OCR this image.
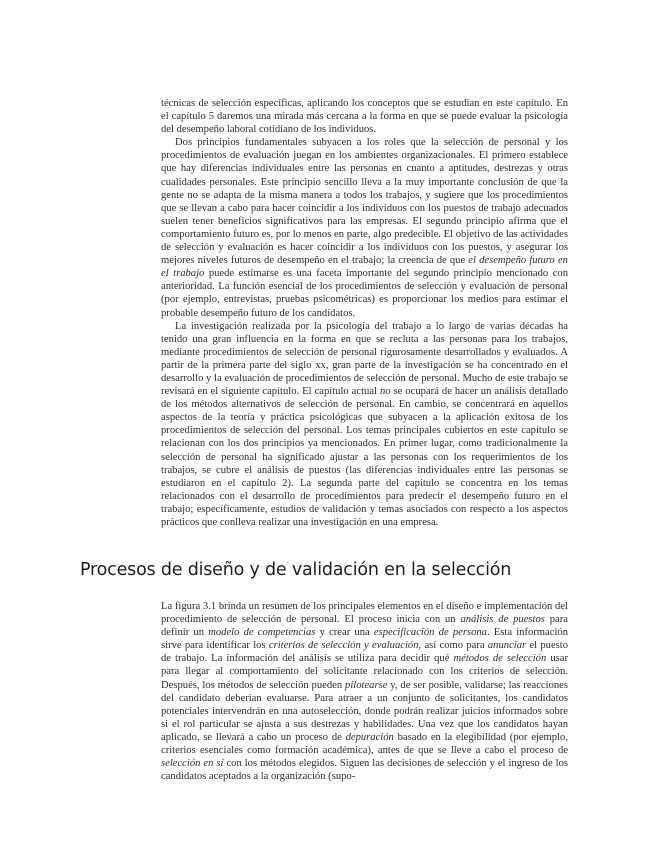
técnicas de selección específicas, aplicando los conceptos que se estudian en este capítulo. En el capítulo 5 daremos una mirada más cercana a la forma en que se puede evaluar la psicología del desempeño laboral cotidiano de los individuos.

Dos principios fundamentales subyacen a los roles que la selección de personal y los procedimientos de evaluación juegan en los ambientes organizacionales. El primero establece que hay diferencias individuales entre las personas en cuanto a aptitudes, destrezas y otras cualidades personales. Este principio sencillo lleva a la muy importante conclusión de que la gente no se adapta de la misma manera a todos los trabajos, y sugiere que los procedimientos que se llevan a cabo para hacer coincidir a los individuos con los puestos de trabajo adecuados suelen tener beneficios significativos para las empresas. El segundo principio afirma que el comportamiento futuro es, por lo menos en parte, algo predecible. El objetivo de las actividades de selección y evaluación es hacer coincidir a los individuos con los puestos, y asegurar los mejores niveles futuros de desempeño en el trabajo; la creencia de que el desempeño futuro en el trabajo puede estimarse es una faceta importante del segundo principio mencionado con anterioridad. La función esencial de los procedimientos de selección y evaluación de personal (por ejemplo, entrevistas, pruebas psicométricas) es proporcionar los medios para estimar el probable desempeño futuro de los candidatos.

La investigación realizada por la psicología del trabajo a lo largo de varias décadas ha tenido una gran influencia en la forma en que se recluta a las personas para los trabajos, mediante procedimientos de selección de personal rigurosamente desarrollados y evaluados. A partir de la primera parte del siglo xx, gran parte de la investigación se ha concentrado en el desarrollo y la evaluación de procedimientos de selección de personal. Mucho de este trabajo se revisará en el siguiente capítulo. El capítulo actual no se ocupará de hacer un análisis detallado de los métodos alternativos de selección de personal. En cambio, se concentrará en aquellos aspectos de la teoría y práctica psicológicas que subyacen a la aplicación exitosa de los procedimientos de selección del personal. Los temas principales cubiertos en este capítulo se relacionan con los dos principios ya mencionados. En primer lugar, como tradicionalmente la selección de personal ha significado ajustar a las personas con los requerimientos de los trabajos, se cubre el análisis de puestos (las diferencias individuales entre las personas se estudiaron en el capítulo 2). La segunda parte del capítulo se concentra en los temas relacionados con el desarrollo de procedimientos para predecir el desempeño futuro en el trabajo; específicamente, estudios de validación y temas asociados con respecto a los aspectos prácticos que conlleva realizar una investigación en una empresa.

Procesos de diseño y de validación en la selección

La figura 3.1 brinda un resumen de los principales elementos en el diseño e implementación del procedimiento de selección de personal. El proceso inicia con un análisis de puestos para definir un modelo de competencias y crear una especificación de persona. Esta información sirve para identificar los criterios de selección y evaluación, así como para anunciar el puesto de trabajo. La información del análisis se utiliza para decidir qué métodos de selección usar para llegar al comportamiento del solicitante relacionado con los criterios de selección. Después, los métodos de selección pueden pilotearse y, de ser posible, validarse; las reacciones del candidato deberían evaluarse. Para atraer a un conjunto de solicitantes, los candidatos potenciales intervendrán en una autoselección, donde podrán realizar juicios informados sobre si el rol particular se ajusta a sus destrezas y habilidades. Una vez que los candidatos hayan aplicado, se llevará a cabo un proceso de depuración basado en la elegibilidad (por ejemplo, criterios esenciales como formación académica), antes de que se lleve a cabo el proceso de selección en sí con los métodos elegidos. Siguen las decisiones de selección y el ingreso de los candidatos aceptados a la organización (supo-
